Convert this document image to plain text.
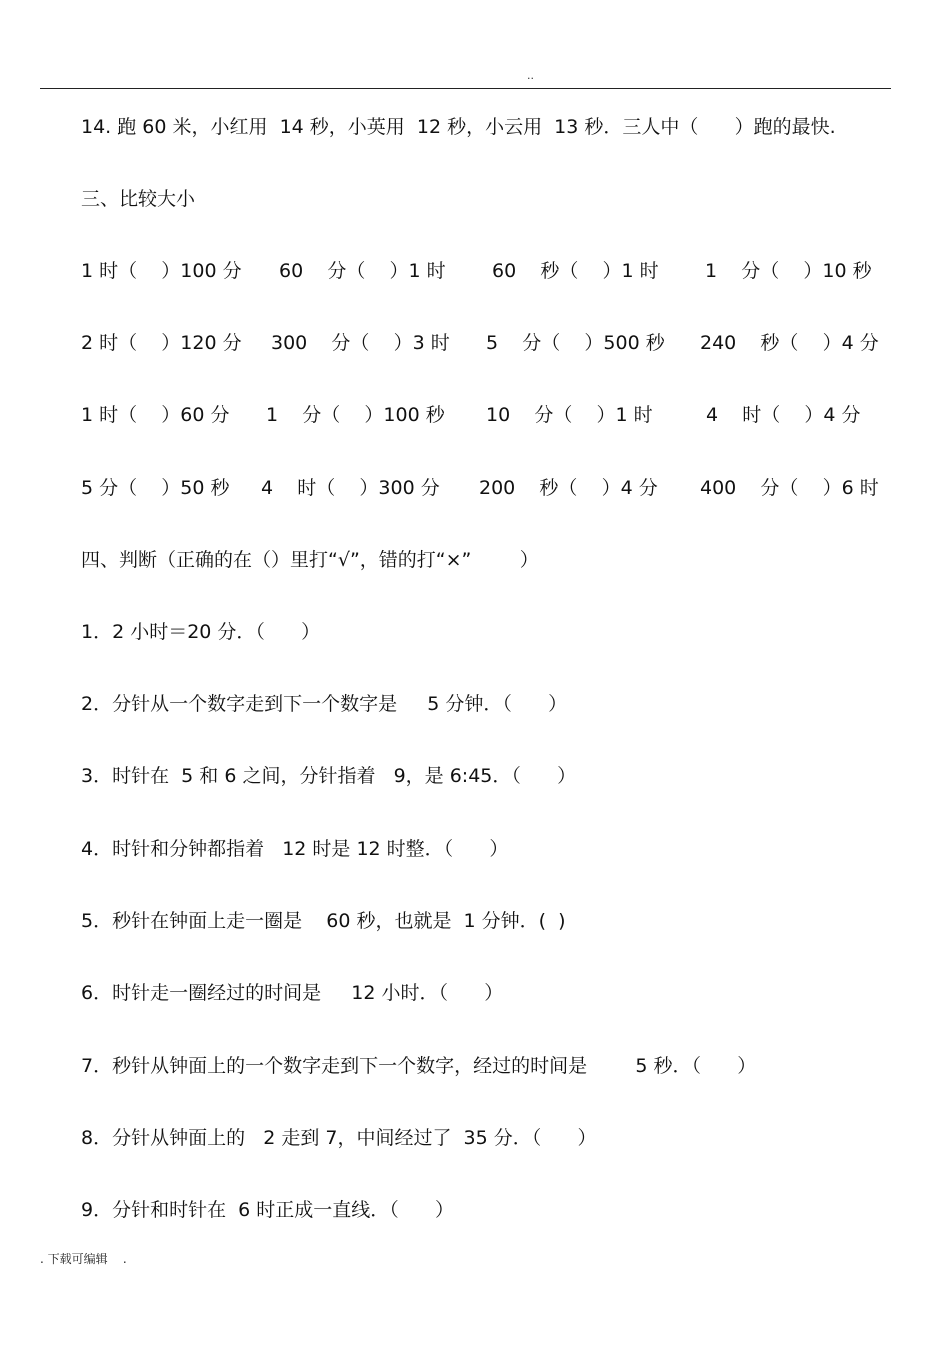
..
14. 跑 60 米，小红用  14 秒，小英用  12 秒，小云用  13 秒．三人中（      ）跑的最快.
三、比较大小
1 时（    ）100 分 60    分（    ）1 时 60    秒（    ）1 时 1    分（    ）10 秒
2 时（    ）120 分 300    分（    ）3 时 5    分（    ）500 秒 240    秒（    ）4 分
1 时（    ）60 分 1    分（    ）100 秒 10    分（    ）1 时	4    时（    ）4 分
5 分（    ）50 秒 4    时（    ）300 分 200    秒（    ）4 分 400    分（    ）6 时
四、判断（正确的在（）里打“√”，错的打“×”        ）
1．2 小时＝20 分．（      ）
2．分针从一个数字走到下一个数字是     5 分钟．（      ）
3．时针在  5 和 6 之间，分针指着   9，是 6:45．（      ）
4．时针和分钟都指着   12 时是 12 时整．（      ）
5．秒针在钟面上走一圈是    60 秒，也就是  1 分钟．(  )
6．时针走一圈经过的时间是     12 小时．（      ）
7．秒针从钟面上的一个数字走到下一个数字，经过的时间是        5 秒．（      ）
8．分针从钟面上的   2 走到 7，中间经过了  35 分．（      ）
9．分针和时针在  6 时正成一直线．（      ）
. 下载可编辑    .
